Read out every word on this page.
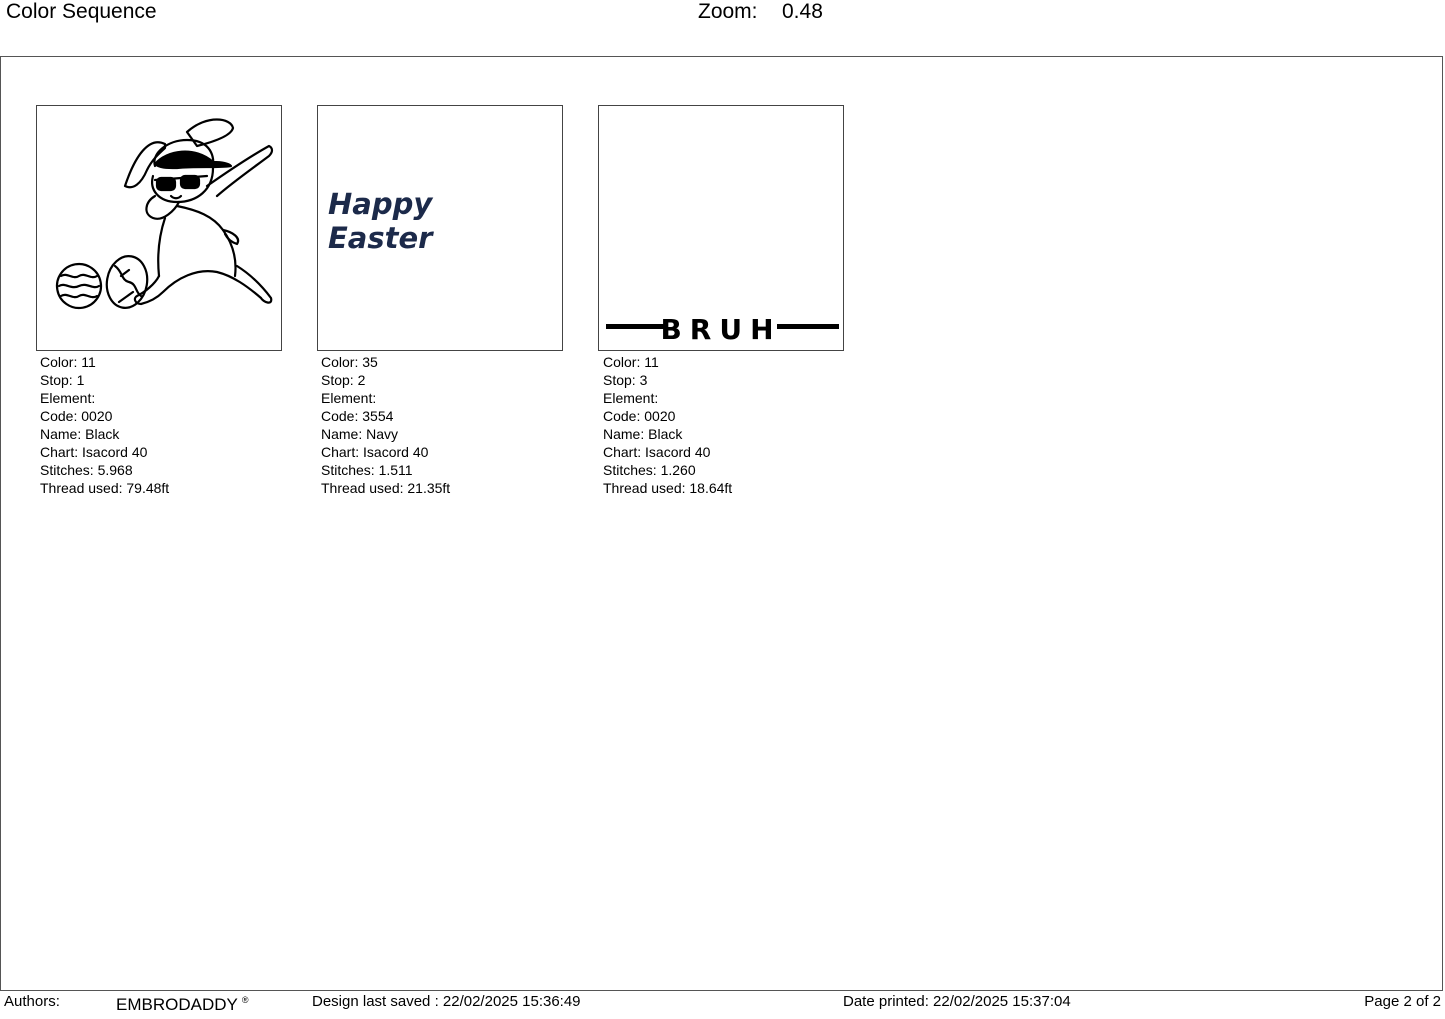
Color Sequence	Zoom: 0.48
Happy
Easter
BRUH
Color: 11
Stop: 1
Element:
Code: 0020
Name: Black
Chart: Isacord 40
Stitches: 5.968
Thread used: 79.48ft
Color: 35
Stop: 2
Element:
Code: 3554
Name: Navy
Chart: Isacord 40
Stitches: 1.511
Thread used: 21.35ft
Color: 11
Stop: 3
Element:
Code: 0020
Name: Black
Chart: Isacord 40
Stitches: 1.260
Thread used: 18.64ft
Authors:	EMBRODADDY ®	Design last saved : 22/02/2025 15:36:49	Date printed: 22/02/2025 15:37:04	Page 2 of 2
